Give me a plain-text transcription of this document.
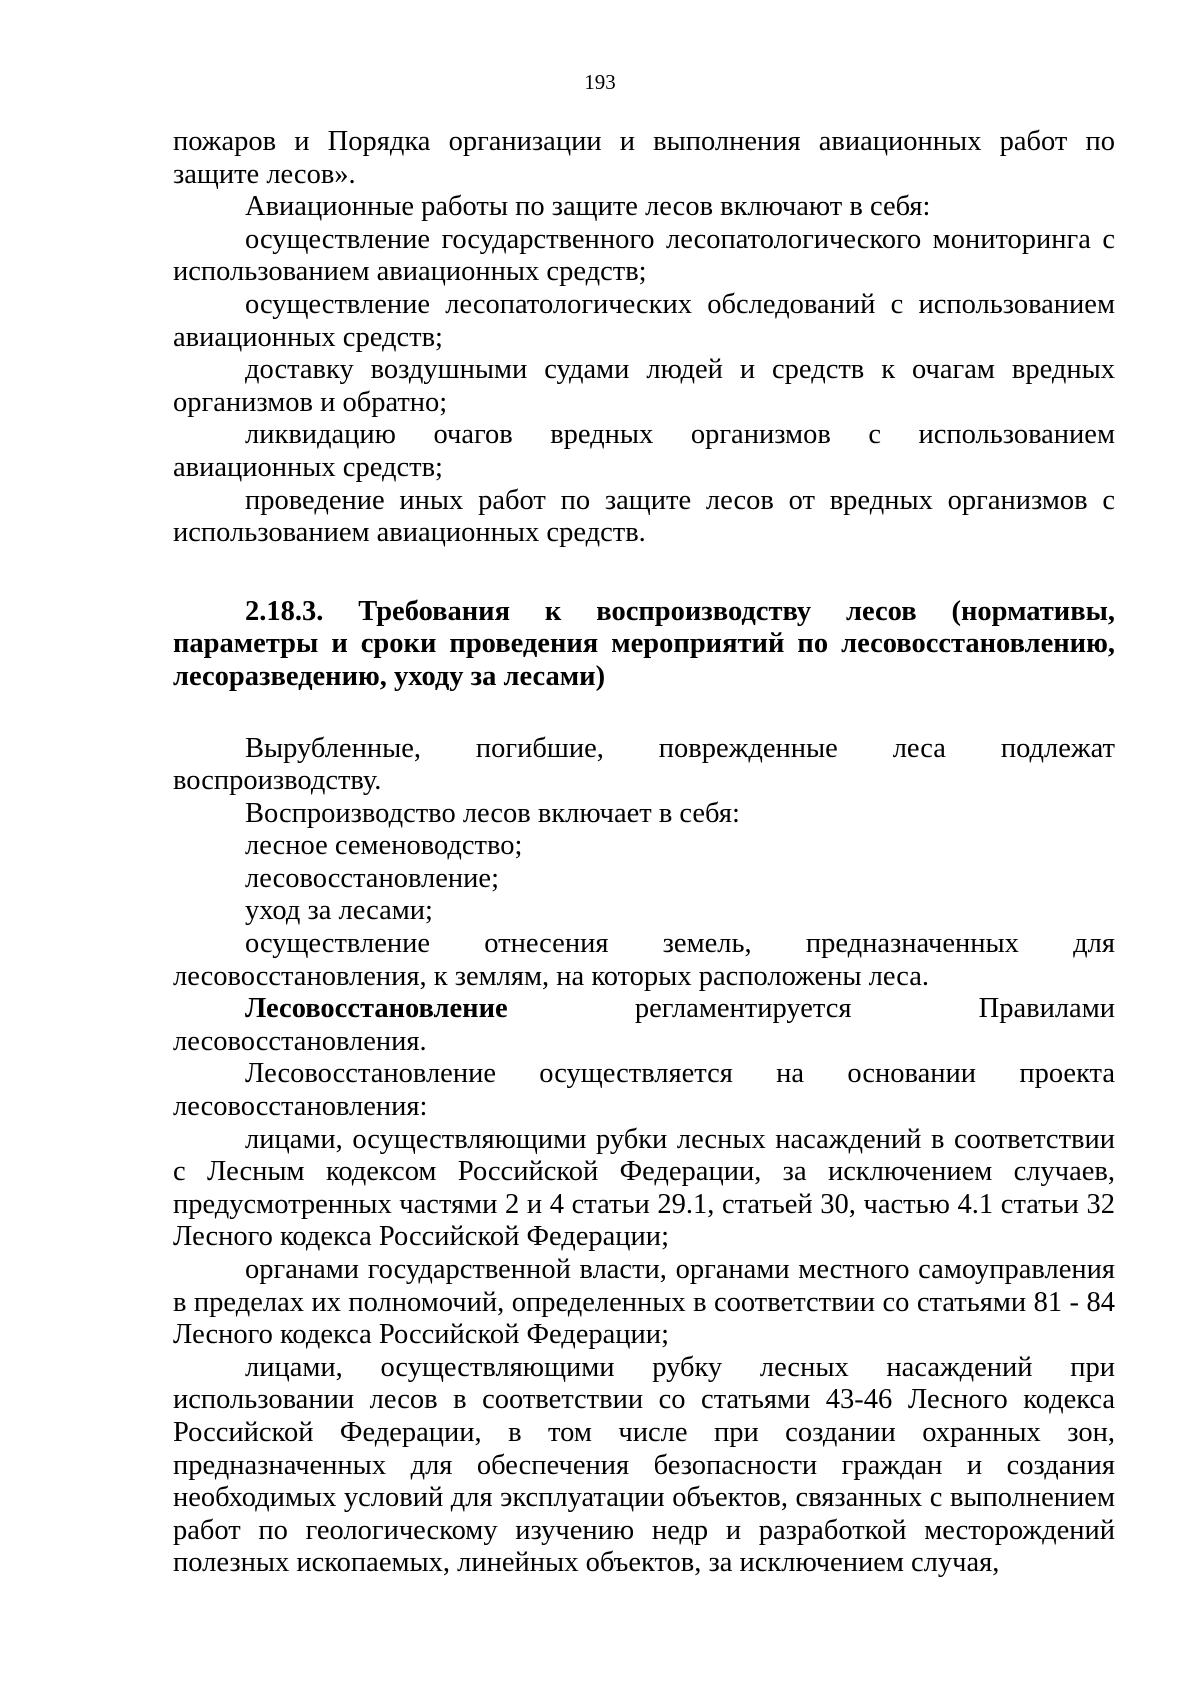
193

пожаров и Порядка организации и выполнения авиационных работ по защите лесов».

Авиационные работы по защите лесов включают в себя:

осуществление государственного лесопатологического мониторинга с использованием авиационных средств;

осуществление лесопатологических обследований с использованием авиационных средств;

доставку воздушными судами людей и средств к очагам вредных организмов и обратно;

ликвидацию очагов вредных организмов с использованием авиационных средств;

проведение иных работ по защите лесов от вредных организмов с использованием авиационных средств.

2.18.3. Требования к воспроизводству лесов (нормативы, параметры и сроки проведения мероприятий по лесовосстановлению, лесоразведению, уходу за лесами)

Вырубленные, погибшие, поврежденные леса подлежат воспроизводству.

Воспроизводство лесов включает в себя:

лесное семеноводство;

лесовосстановление;

уход за лесами;

осуществление отнесения земель, предназначенных для лесовосстановления, к землям, на которых расположены леса.

Лесовосстановление регламентируется Правилами лесовосстановления.

Лесовосстановление осуществляется на основании проекта лесовосстановления:

лицами, осуществляющими рубки лесных насаждений в соответствии с Лесным кодексом Российской Федерации, за исключением случаев, предусмотренных частями 2 и 4 статьи 29.1, статьей 30, частью 4.1 статьи 32 Лесного кодекса Российской Федерации;

органами государственной власти, органами местного самоуправления в пределах их полномочий, определенных в соответствии со статьями 81 - 84 Лесного кодекса Российской Федерации;

лицами, осуществляющими рубку лесных насаждений при использовании лесов в соответствии со статьями 43-46 Лесного кодекса Российской Федерации, в том числе при создании охранных зон, предназначенных для обеспечения безопасности граждан и создания необходимых условий для эксплуатации объектов, связанных с выполнением работ по геологическому изучению недр и разработкой месторождений полезных ископаемых, линейных объектов, за исключением случая,
